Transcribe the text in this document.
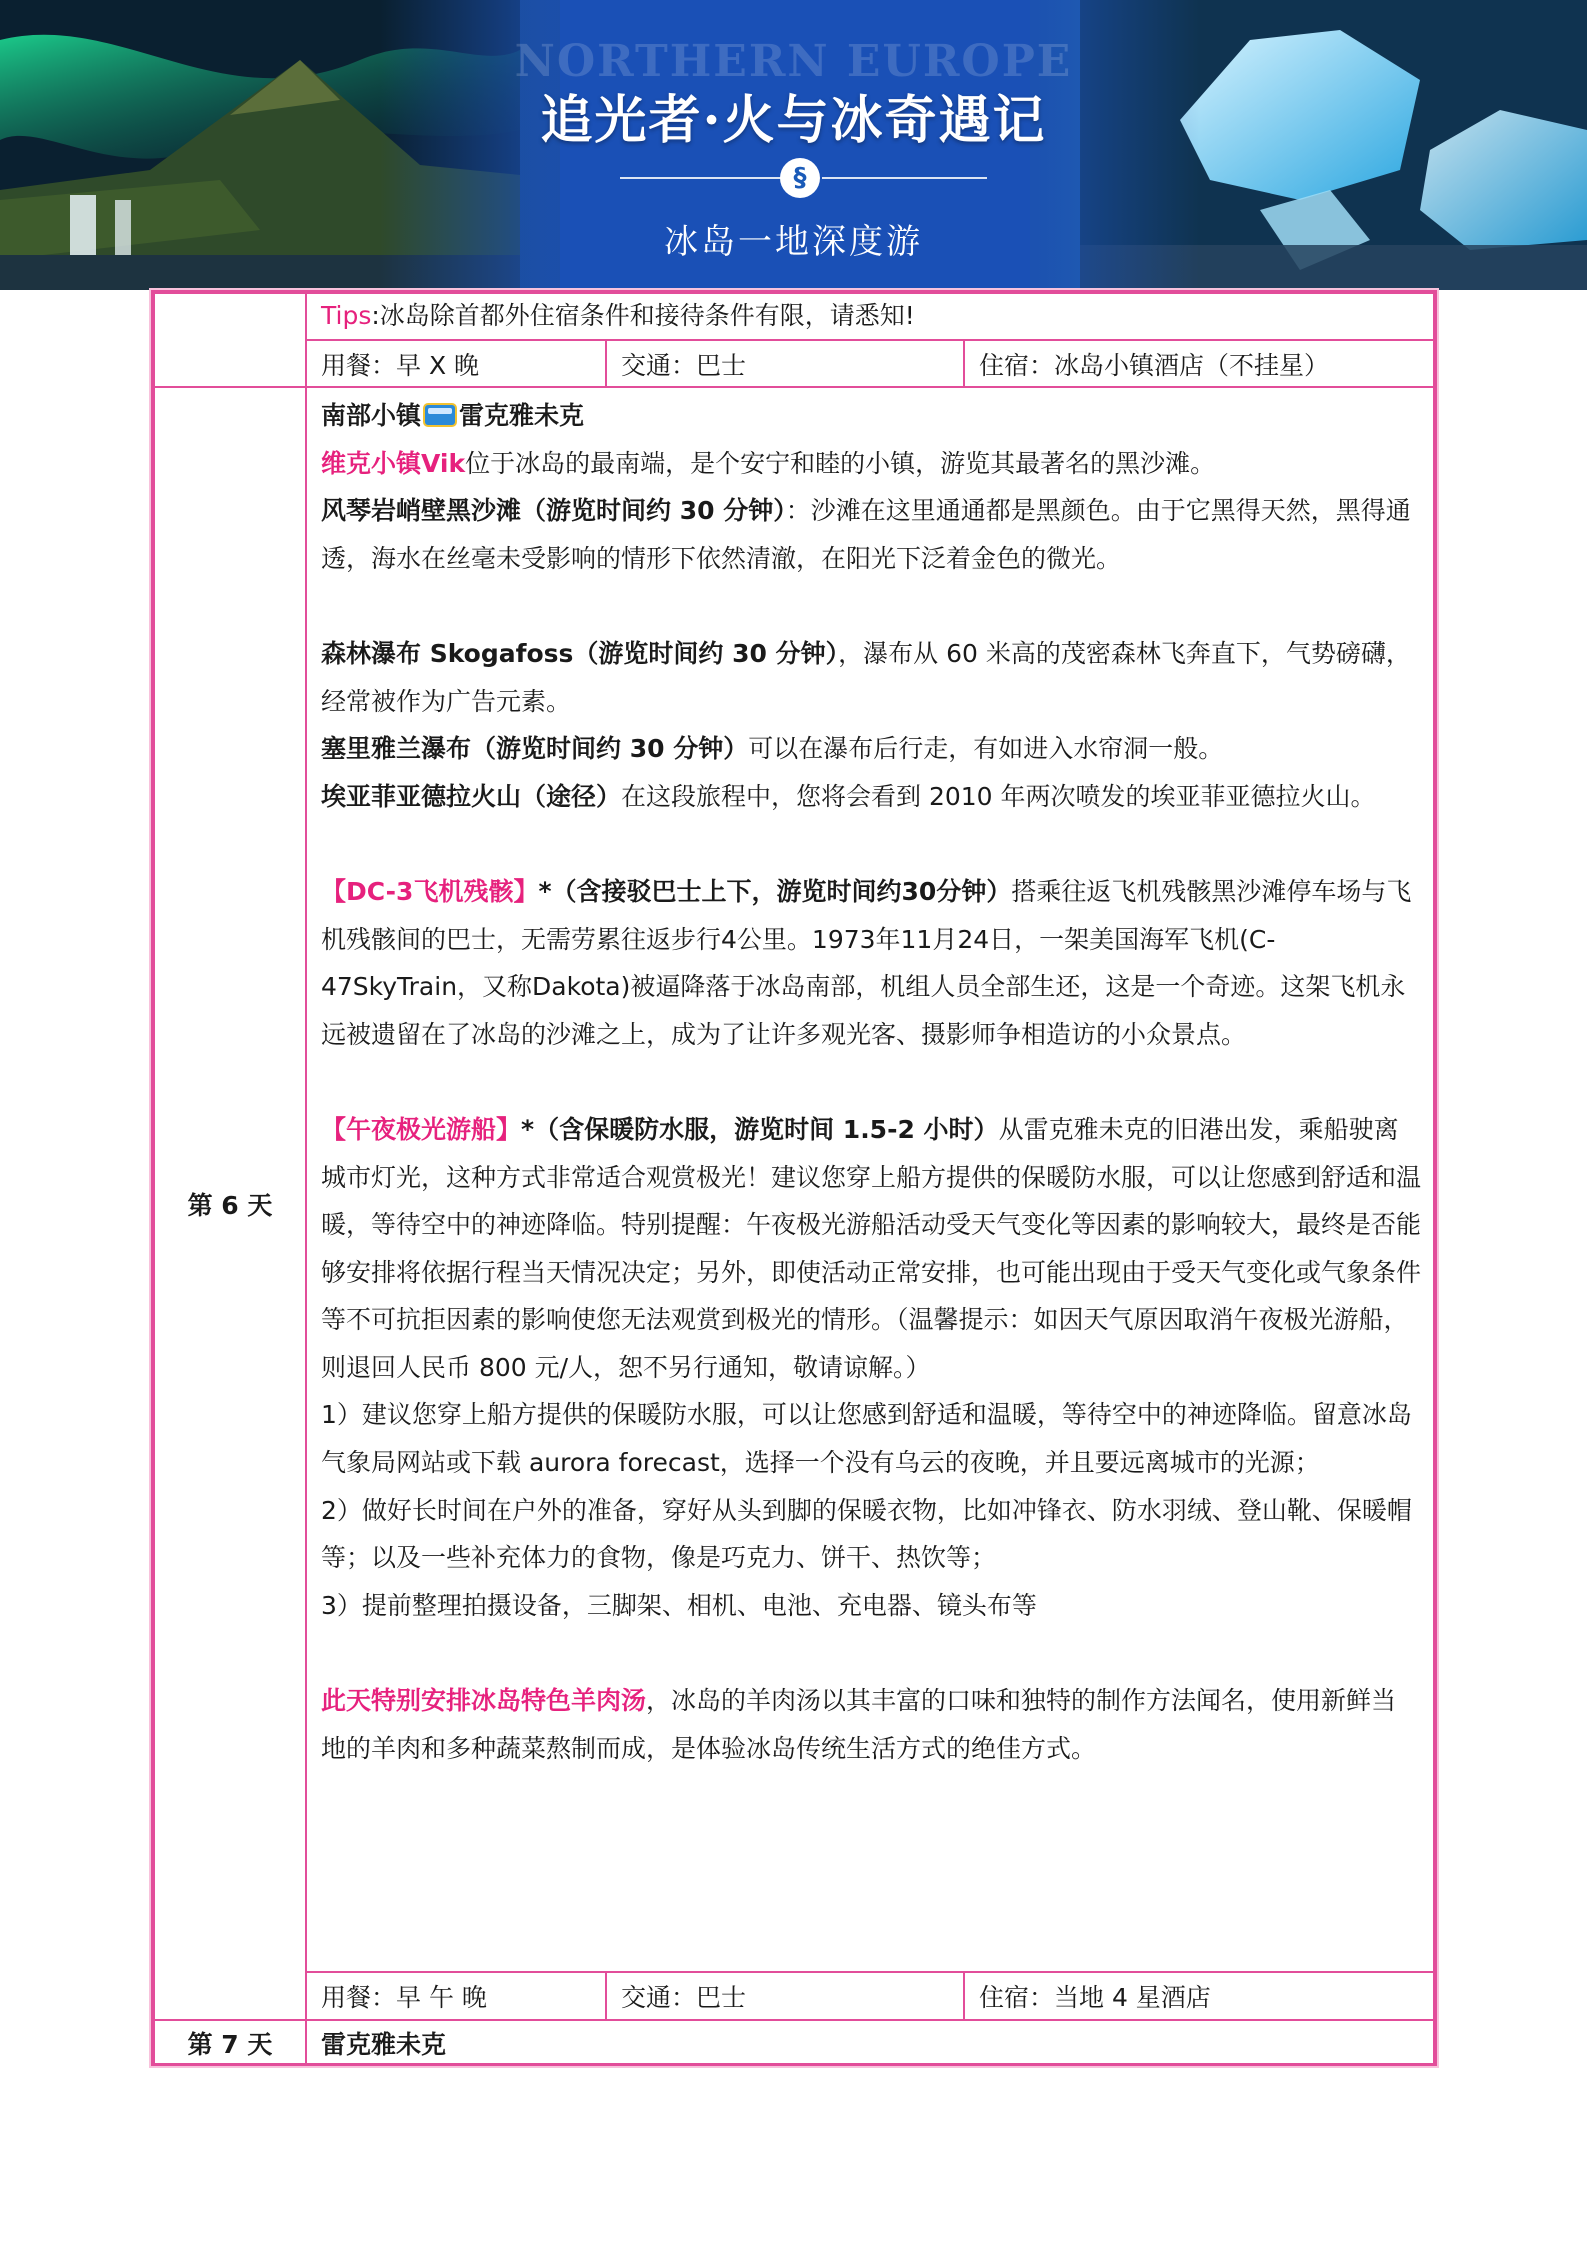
NORTHERN EUROPE
追光者·火与冰奇遇记
§
冰岛一地深度游
Tips:冰岛除首都外住宿条件和接待条件有限，请悉知!
用餐：早 X 晚	交通：巴士	住宿：冰岛小镇酒店（不挂星）
第 6 天

南部小镇 雷克雅未克

维克小镇Vik位于冰岛的最南端，是个安宁和睦的小镇，游览其最著名的黑沙滩。

风琴岩峭壁黑沙滩（游览时间约 30 分钟）：沙滩在这里通通都是黑颜色。由于它黑得天然，黑得通透，海水在丝毫未受影响的情形下依然清澈，在阳光下泛着金色的微光。

森林瀑布 Skogafoss（游览时间约 30 分钟），瀑布从 60 米高的茂密森林飞奔直下，气势磅礴，经常被作为广告元素。

塞里雅兰瀑布（游览时间约 30 分钟）可以在瀑布后行走，有如进入水帘洞一般。

埃亚菲亚德拉火山（途径）在这段旅程中，您将会看到 2010 年两次喷发的埃亚菲亚德拉火山。

【DC-3飞机残骸】*（含接驳巴士上下，游览时间约30分钟）搭乘往返飞机残骸黑沙滩停车场与飞机残骸间的巴士，无需劳累往返步行4公里。1973年11月24日，一架美国海军飞机(C-47SkyTrain，又称Dakota)被逼降落于冰岛南部，机组人员全部生还，这是一个奇迹。这架飞机永远被遗留在了冰岛的沙滩之上，成为了让许多观光客、摄影师争相造访的小众景点。

【午夜极光游船】*（含保暖防水服，游览时间 1.5-2 小时）从雷克雅未克的旧港出发，乘船驶离城市灯光，这种方式非常适合观赏极光！建议您穿上船方提供的保暖防水服，可以让您感到舒适和温暖，等待空中的神迹降临。特别提醒：午夜极光游船活动受天气变化等因素的影响较大，最终是否能够安排将依据行程当天情况决定；另外，即使活动正常安排，也可能出现由于受天气变化或气象条件等不可抗拒因素的影响使您无法观赏到极光的情形。（温馨提示：如因天气原因取消午夜极光游船，则退回人民币 800 元/人，恕不另行通知，敬请谅解。）

1）建议您穿上船方提供的保暖防水服，可以让您感到舒适和温暖，等待空中的神迹降临。留意冰岛气象局网站或下载 aurora forecast，选择一个没有乌云的夜晚，并且要远离城市的光源；

2）做好长时间在户外的准备，穿好从头到脚的保暖衣物，比如冲锋衣、防水羽绒、登山靴、保暖帽等；以及一些补充体力的食物，像是巧克力、饼干、热饮等；

3）提前整理拍摄设备，三脚架、相机、电池、充电器、镜头布等

此天特别安排冰岛特色羊肉汤，冰岛的羊肉汤以其丰富的口味和独特的制作方法闻名，使用新鲜当地的羊肉和多种蔬菜熬制而成，是体验冰岛传统生活方式的绝佳方式。

用餐：早 午 晚	交通：巴士	住宿：当地 4 星酒店
第 7 天	雷克雅未克
